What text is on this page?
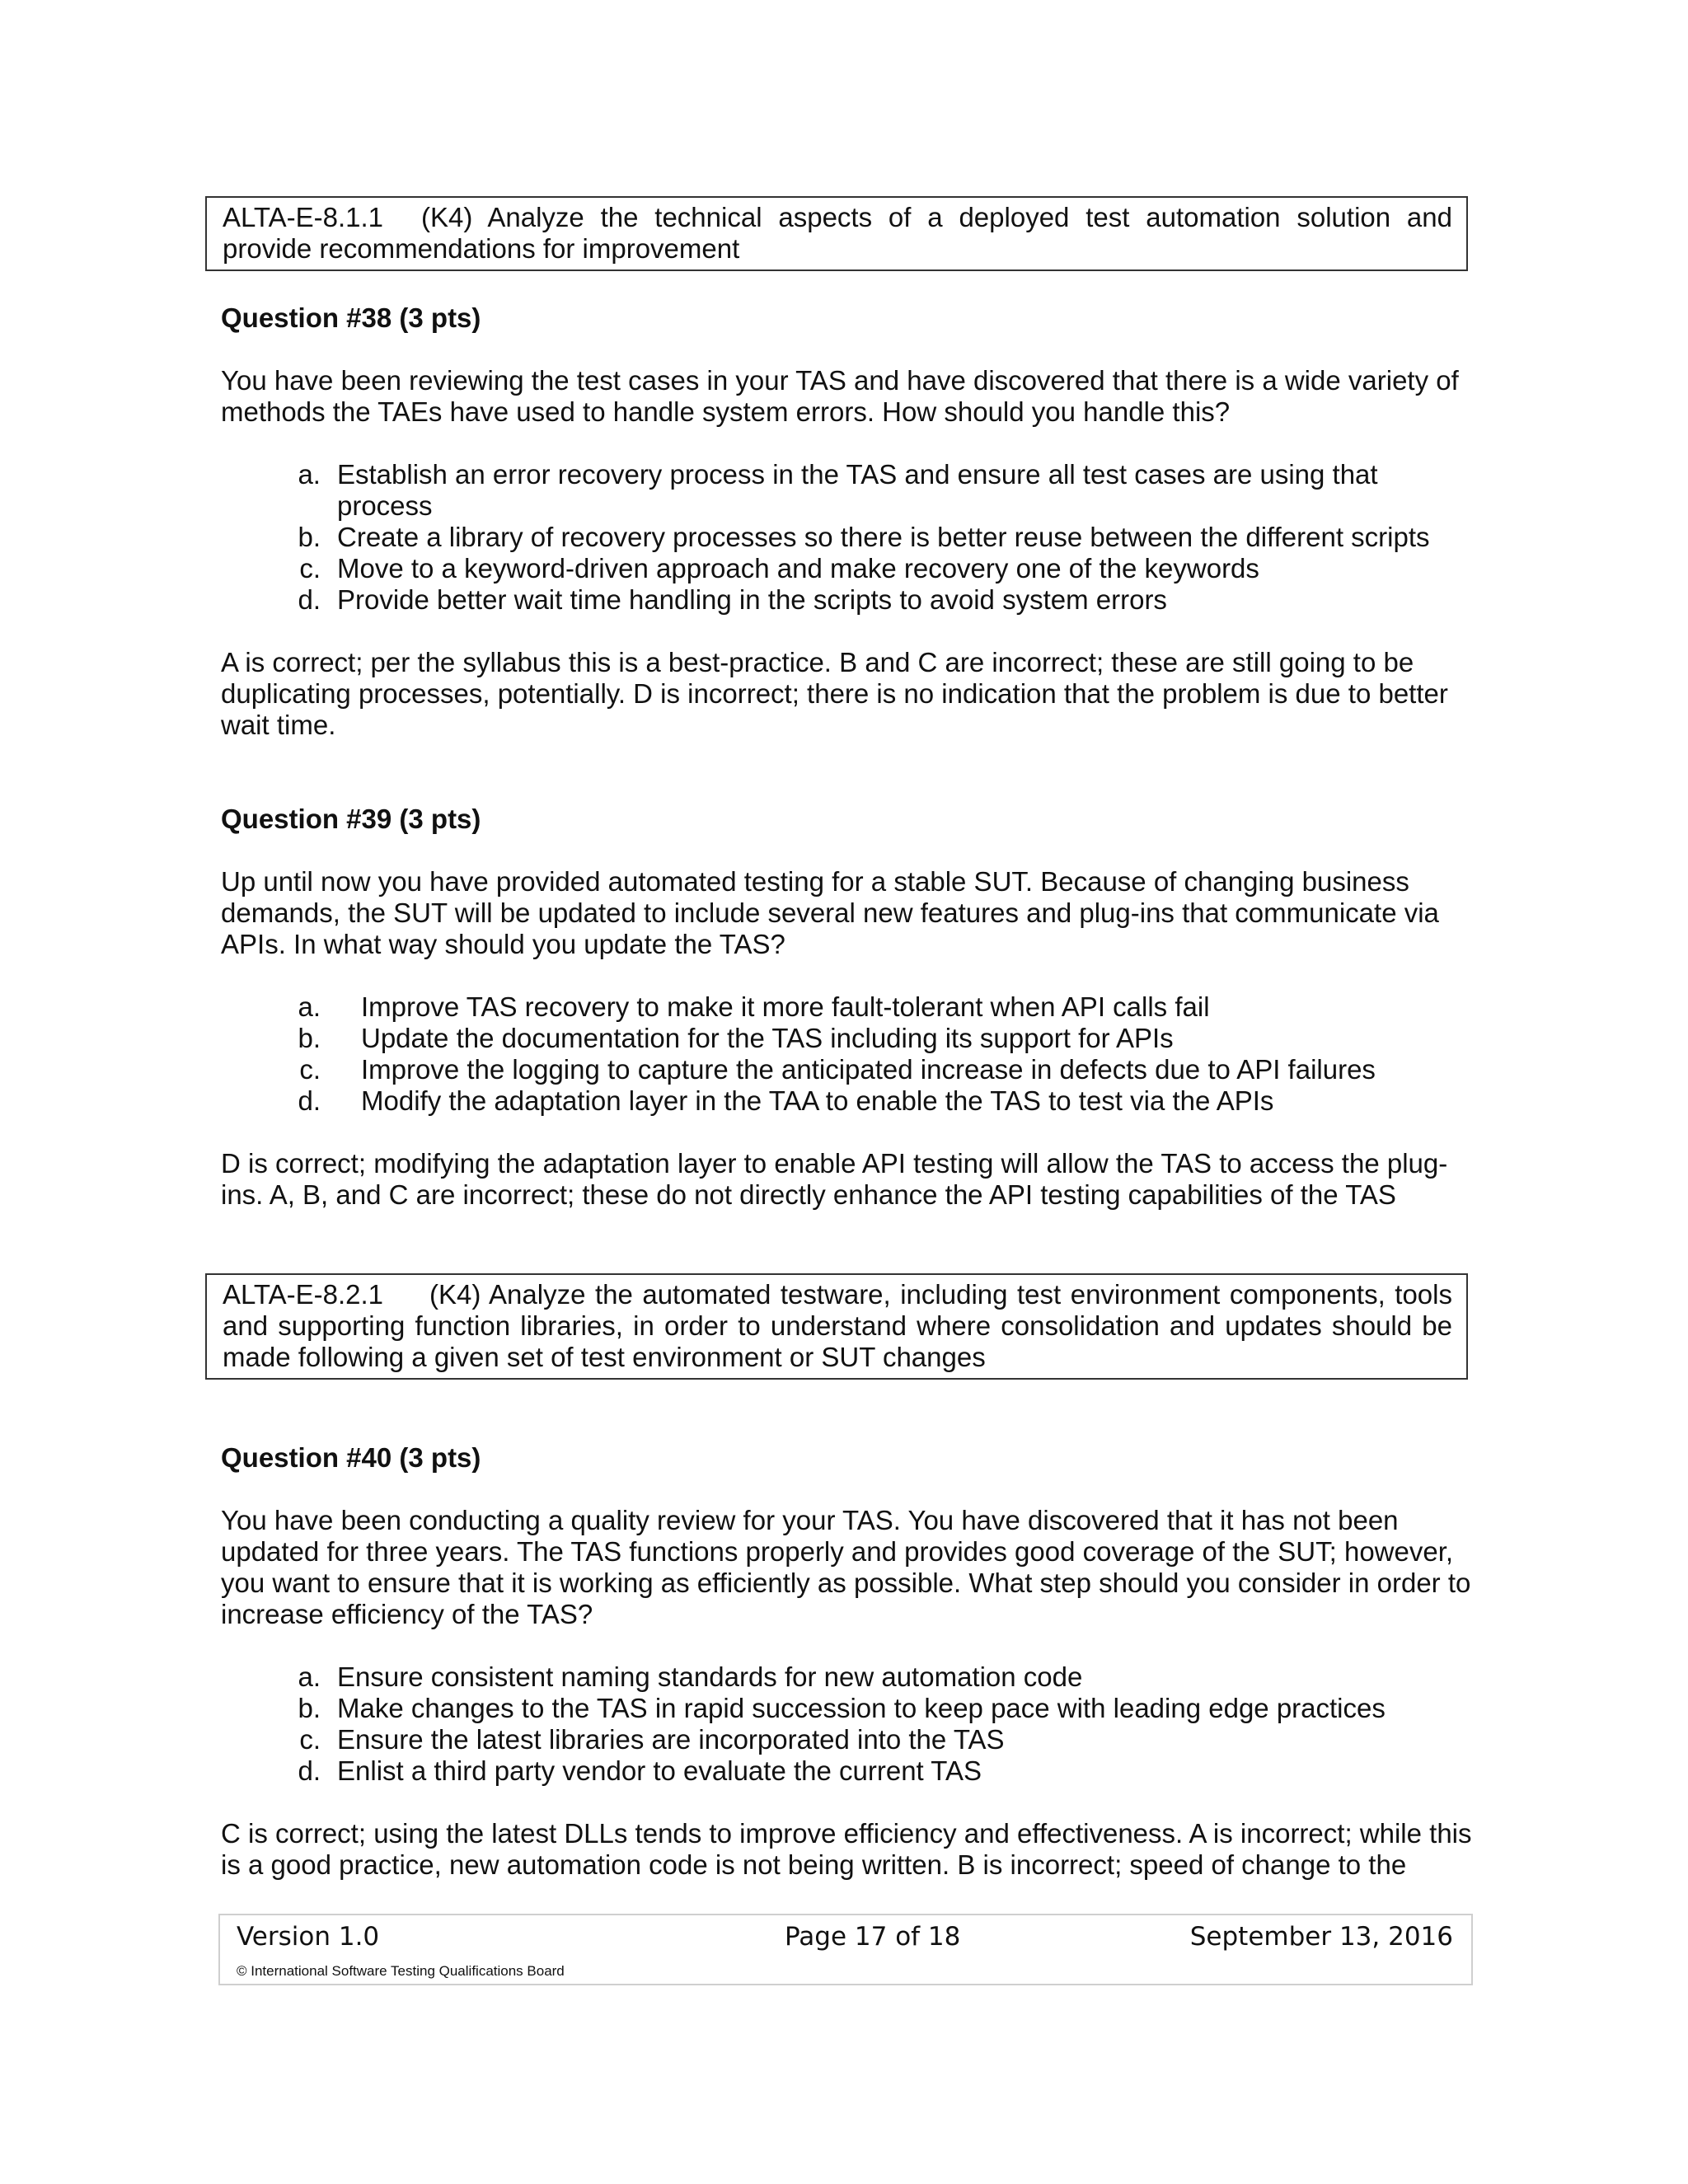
ALTA-E-8.1.1 (K4) Analyze the technical aspects of a deployed test automation solution and provide recommendations for improvement

Question #38 (3 pts)

You have been reviewing the test cases in your TAS and have discovered that there is a wide variety of methods the TAEs have used to handle system errors. How should you handle this?

a. Establish an error recovery process in the TAS and ensure all test cases are using that process
b. Create a library of recovery processes so there is better reuse between the different scripts
c. Move to a keyword-driven approach and make recovery one of the keywords
d. Provide better wait time handling in the scripts to avoid system errors

A is correct; per the syllabus this is a best-practice. B and C are incorrect; these are still going to be duplicating processes, potentially. D is incorrect; there is no indication that the problem is due to better wait time.

Question #39 (3 pts)

Up until now you have provided automated testing for a stable SUT. Because of changing business demands, the SUT will be updated to include several new features and plug-ins that communicate via APIs. In what way should you update the TAS?

a.	Improve TAS recovery to make it more fault-tolerant when API calls fail
b.	Update the documentation for the TAS including its support for APIs
c.	Improve the logging to capture the anticipated increase in defects due to API failures
d.	Modify the adaptation layer in the TAA to enable the TAS to test via the APIs

D is correct; modifying the adaptation layer to enable API testing will allow the TAS to access the plug-ins. A, B, and C are incorrect; these do not directly enhance the API testing capabilities of the TAS

ALTA-E-8.2.1 (K4) Analyze the automated testware, including test environment components, tools and supporting function libraries, in order to understand where consolidation and updates should be made following a given set of test environment or SUT changes

Question #40 (3 pts)

You have been conducting a quality review for your TAS. You have discovered that it has not been updated for three years. The TAS functions properly and provides good coverage of the SUT; however, you want to ensure that it is working as efficiently as possible. What step should you consider in order to increase efficiency of the TAS?

a. Ensure consistent naming standards for new automation code
b. Make changes to the TAS in rapid succession to keep pace with leading edge practices
c. Ensure the latest libraries are incorporated into the TAS
d. Enlist a third party vendor to evaluate the current TAS

C is correct; using the latest DLLs tends to improve efficiency and effectiveness. A is incorrect; while this is a good practice, new automation code is not being written. B is incorrect; speed of change to the

Version 1.0	Page 17 of 18	September 13, 2016
© International Software Testing Qualifications Board
